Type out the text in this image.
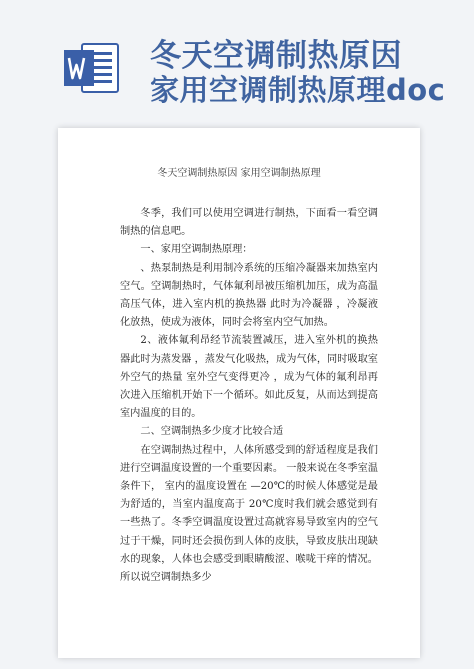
冬天空调制热原因
家用空调制热原理doc
冬天空调制热原因 家用空调制热原理

冬季，我们可以使用空调进行制热，下面看一看空调制热的信息吧。

一、家用空调制热原理：

、热泵制热是利用制冷系统的压缩冷凝器来加热室内空气。空调制热时，气体氟利昂被压缩机加压，成为高温高压气体，进入室内机的换热器 此时为冷凝器 ，冷凝液化放热，使成为液体，同时会将室内空气加热。

2、液体氟利昂经节流装置减压，进入室外机的换热器此时为蒸发器 ，蒸发气化吸热，成为气体，同时吸取室外空气的热量 室外空气变得更冷 ，成为气体的氟利昂再次进入压缩机开始下一个循环。如此反复，从而达到提高室内温度的目的。

二、空调制热多少度才比较合适

在空调制热过程中，人体所感受到的舒适程度是我们进行空调温度设置的一个重要因素。 一般来说在冬季室温条件下， 室内的温度设置在 —20℃的时候人体感觉是最为舒适的，当室内温度高于 20℃度时我们就会感觉到有一些热了。冬季空调温度设置过高就容易导致室内的空气过于干燥，同时还会损伤到人体的皮肤，导致皮肤出现缺水的现象，人体也会感受到眼睛酸涩、喉咙干痒的情况。所以说空调制热多少
